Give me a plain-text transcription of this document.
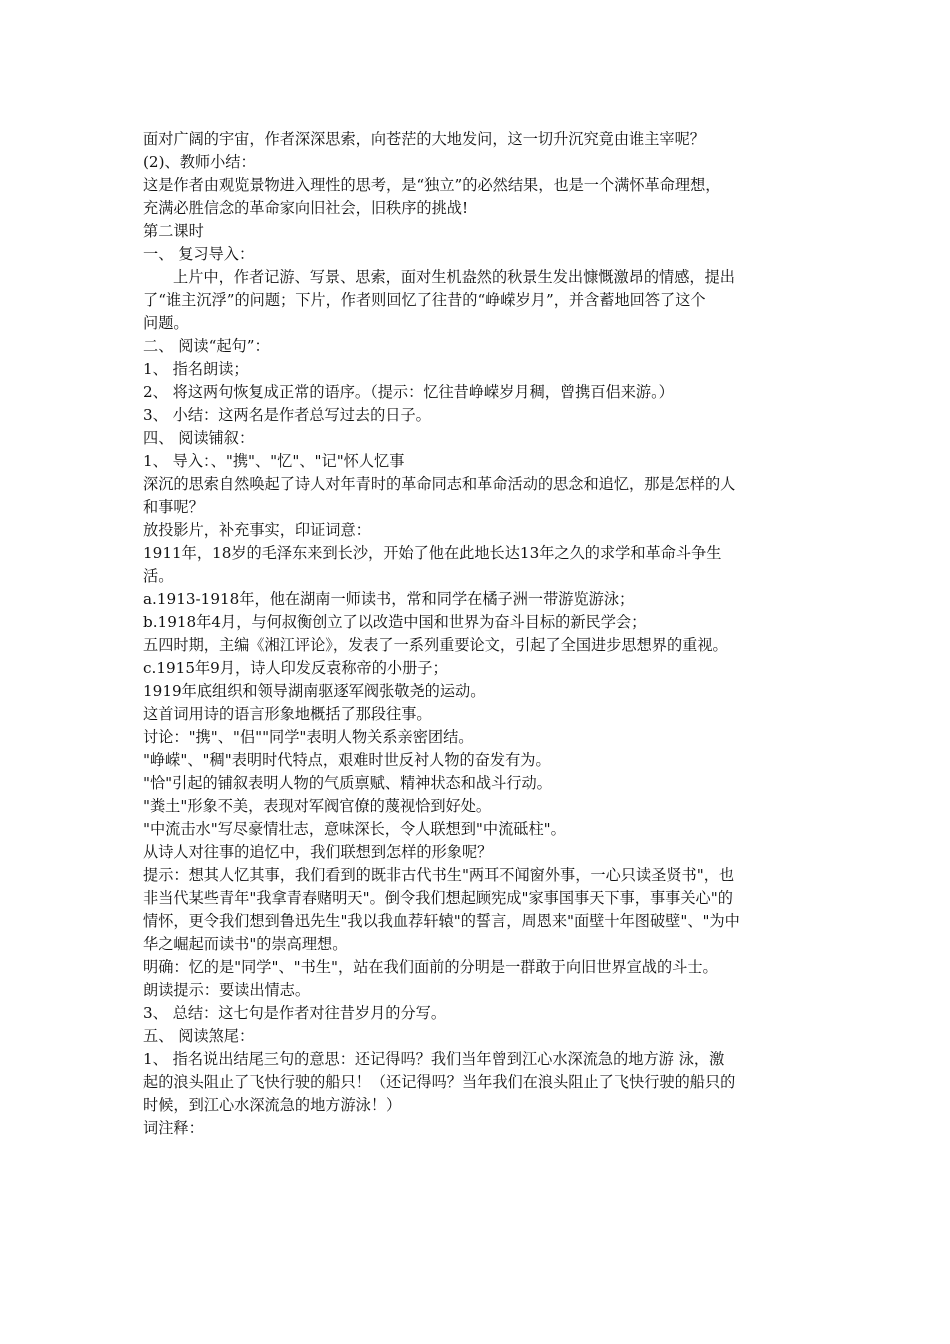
面对广阔的宇宙，作者深深思索，向苍茫的大地发问，这一切升沉究竟由谁主宰呢？
(2)、教师小结：
这是作者由观览景物进入理性的思考，是“独立”的必然结果，也是一个满怀革命理想，
充满必胜信念的革命家向旧社会，旧秩序的挑战!
第二课时
一、 复习导入：
上片中，作者记游、写景、思索，面对生机盎然的秋景生发出慷慨激昂的情感，提出
了“谁主沉浮”的问题；下片，作者则回忆了往昔的“峥嵘岁月”，并含蓄地回答了这个
问题。
二、 阅读“起句”：
1、 指名朗读；
2、 将这两句恢复成正常的语序。（提示：忆往昔峥嵘岁月稠，曾携百侣来游。）
3、 小结：这两名是作者总写过去的日子。
四、 阅读铺叙：
1、 导入：、"携"、"忆"、"记"怀人忆事
深沉的思索自然唤起了诗人对年青时的革命同志和革命活动的思念和追忆，那是怎样的人
和事呢？
放投影片，补充事实，印证词意：
1911年，18岁的毛泽东来到长沙，开始了他在此地长达13年之久的求学和革命斗争生
活。
a.1913-1918年，他在湖南一师读书，常和同学在橘子洲一带游览游泳；
b.1918年4月，与何叔衡创立了以改造中国和世界为奋斗目标的新民学会；
五四时期，主编《湘江评论》，发表了一系列重要论文，引起了全国进步思想界的重视。
c.1915年9月，诗人印发反袁称帝的小册子；
1919年底组织和领导湖南驱逐军阀张敬尧的运动。
这首词用诗的语言形象地概括了那段往事。
讨论："携"、"侣""同学"表明人物关系亲密团结。
"峥嵘"、"稠"表明时代特点，艰难时世反衬人物的奋发有为。
"恰"引起的铺叙表明人物的气质禀赋、精神状态和战斗行动。
"粪土"形象不美，表现对军阀官僚的蔑视恰到好处。
"中流击水"写尽豪情壮志，意味深长，令人联想到"中流砥柱"。
从诗人对往事的追忆中，我们联想到怎样的形象呢？
提示：想其人忆其事，我们看到的既非古代书生"两耳不闻窗外事，一心只读圣贤书"，也
非当代某些青年"我拿青春赌明天"。倒令我们想起顾宪成"家事国事天下事，事事关心"的
情怀，更令我们想到鲁迅先生"我以我血荐轩辕"的誓言，周恩来"面壁十年图破壁"、"为中
华之崛起而读书"的崇高理想。
明确：忆的是"同学"、"书生"，站在我们面前的分明是一群敢于向旧世界宣战的斗士。
朗读提示：要读出情志。
3、 总结：这七句是作者对往昔岁月的分写。
五、 阅读煞尾：
1、 指名说出结尾三句的意思：还记得吗？我们当年曾到江心水深流急的地方游 泳，激
起的浪头阻止了飞快行驶的船只！（还记得吗？当年我们在浪头阻止了飞快行驶的船只的
时候，到江心水深流急的地方游泳！）
词注释：
